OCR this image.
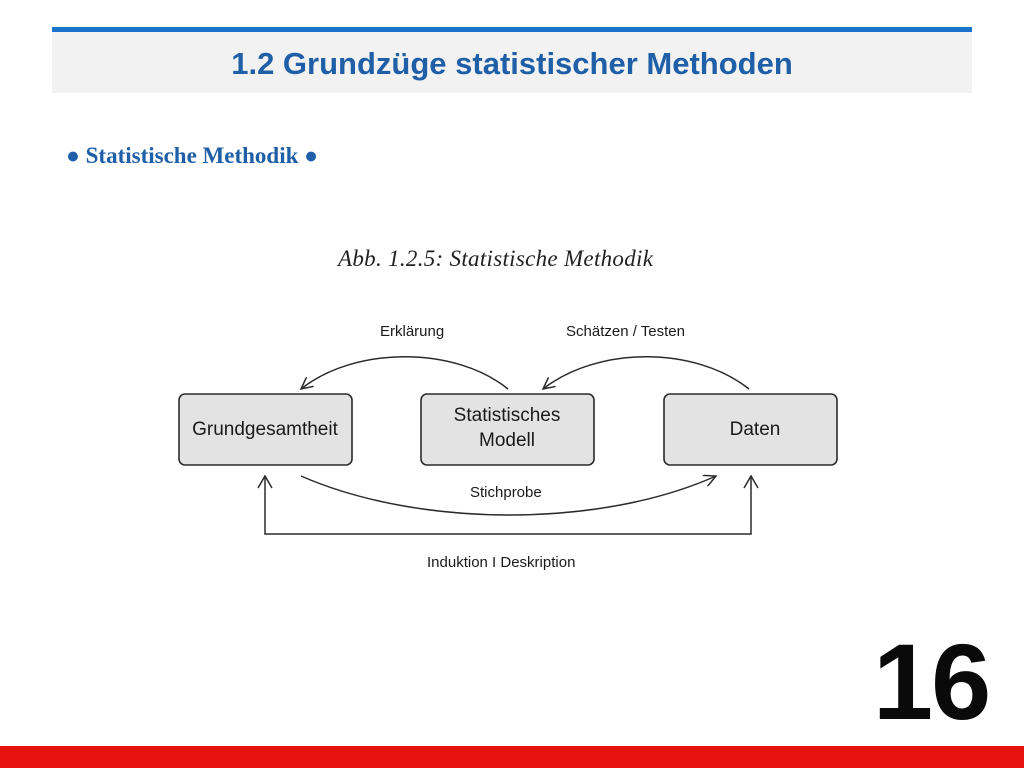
1.2 Grundzüge statistischer Methoden
● Statistische Methodik ●
Abb. 1.2.5: Statistische Methodik
Erklärung	Schätzen / Testen
Grundgesamtheit
Statistisches
Modell
Daten
Stichprobe
Induktion I Deskription
16
